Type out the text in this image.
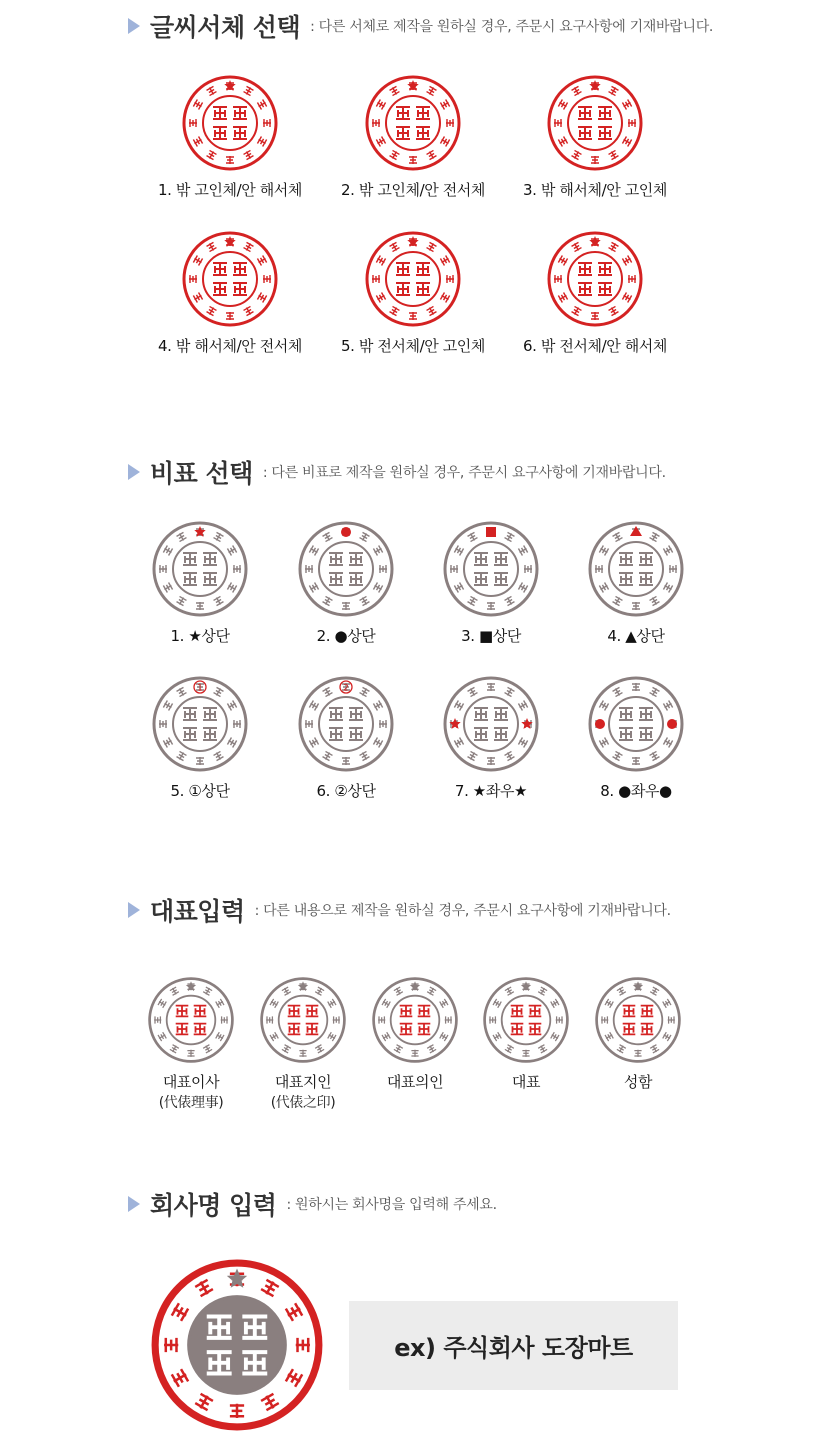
글씨서체 선택 : 다른 서체로 제작을 원하실 경우, 주문시 요구사항에 기재바랍니다.
1. 밖 고인체/안 해서체	2. 밖 고인체/안 전서체	3. 밖 해서체/안 고인체
4. 밖 해서체/안 전서체	5. 밖 전서체/안 고인체	6. 밖 전서체/안 해서체
비표 선택 : 다른 비표로 제작을 원하실 경우, 주문시 요구사항에 기재바랍니다.
1. ★상단	2. ●상단	3. ■상단	4. ▲상단
1
5. ①상단
2
6. ②상단	7. ★좌우★	8. ●좌우●
대표입력 : 다른 내용으로 제작을 원하실 경우, 주문시 요구사항에 기재바랍니다.
대표이사
(代俵理事)
대표지인
(代俵之印)
대표의인	대표	성함
회사명 입력 : 원하시는 회사명을 입력해 주세요.
ex) 주식회사 도장마트
